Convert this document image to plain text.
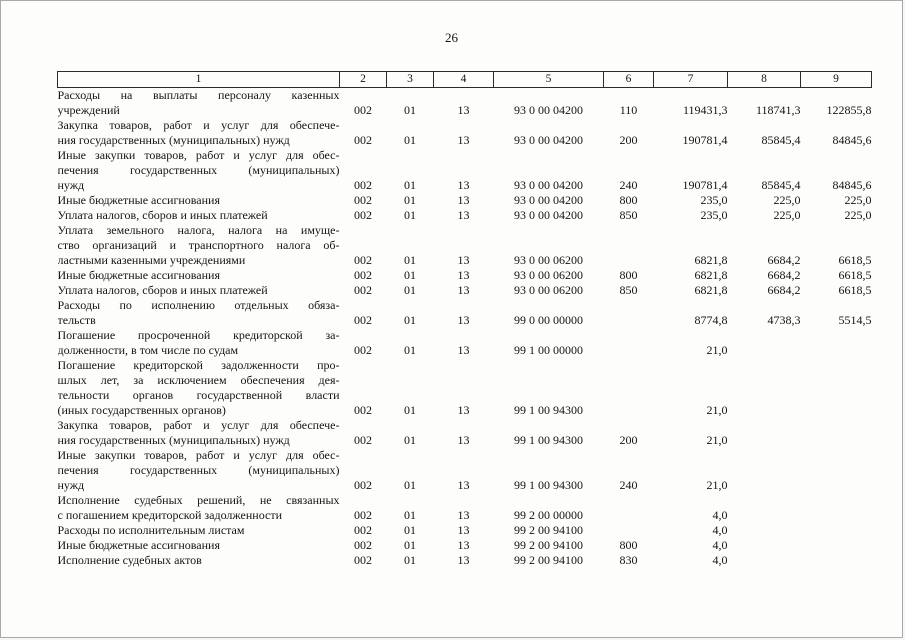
26
1	2	3	4	5	6	7	8	9

Расходы на выплаты персоналу казенных
учреждений	002	01	13	93 0 00 04200	110	119431,3	118741,3	122855,8

Закупка товаров, работ и услуг для обеспече-
ния государственных (муниципальных) нужд	002	01	13	93 0 00 04200	200	190781,4	85845,4	84845,6

Иные закупки товаров, работ и услуг для обес-
печения государственных (муниципальных)
нужд	002	01	13	93 0 00 04200	240	190781,4	85845,4	84845,6

Иные бюджетные ассигнования	002	01	13	93 0 00 04200	800	235,0	225,0	225,0

Уплата налогов, сборов и иных платежей	002	01	13	93 0 00 04200	850	235,0	225,0	225,0

Уплата земельного налога, налога на имуще-
ство организаций и транспортного налога об-
ластными казенными учреждениями	002	01	13	93 0 00 06200		6821,8	6684,2	6618,5

Иные бюджетные ассигнования	002	01	13	93 0 00 06200	800	6821,8	6684,2	6618,5

Уплата налогов, сборов и иных платежей	002	01	13	93 0 00 06200	850	6821,8	6684,2	6618,5

Расходы по исполнению отдельных обяза-
тельств	002	01	13	99 0 00 00000		8774,8	4738,3	5514,5

Погашение просроченной кредиторской за-
долженности, в том числе по судам	002	01	13	99 1 00 00000		21,0		

Погашение кредиторской задолженности про-
шлых лет, за исключением обеспечения дея-
тельности органов государственной власти
(иных государственных органов)	002	01	13	99 1 00 94300		21,0		

Закупка товаров, работ и услуг для обеспече-
ния государственных (муниципальных) нужд	002	01	13	99 1 00 94300	200	21,0		

Иные закупки товаров, работ и услуг для обес-
печения государственных (муниципальных)
нужд	002	01	13	99 1 00 94300	240	21,0		

Исполнение судебных решений, не связанных
с погашением кредиторской задолженности	002	01	13	99 2 00 00000		4,0		

Расходы по исполнительным листам	002	01	13	99 2 00 94100		4,0		

Иные бюджетные ассигнования	002	01	13	99 2 00 94100	800	4,0		

Исполнение судебных актов	002	01	13	99 2 00 94100	830	4,0		
